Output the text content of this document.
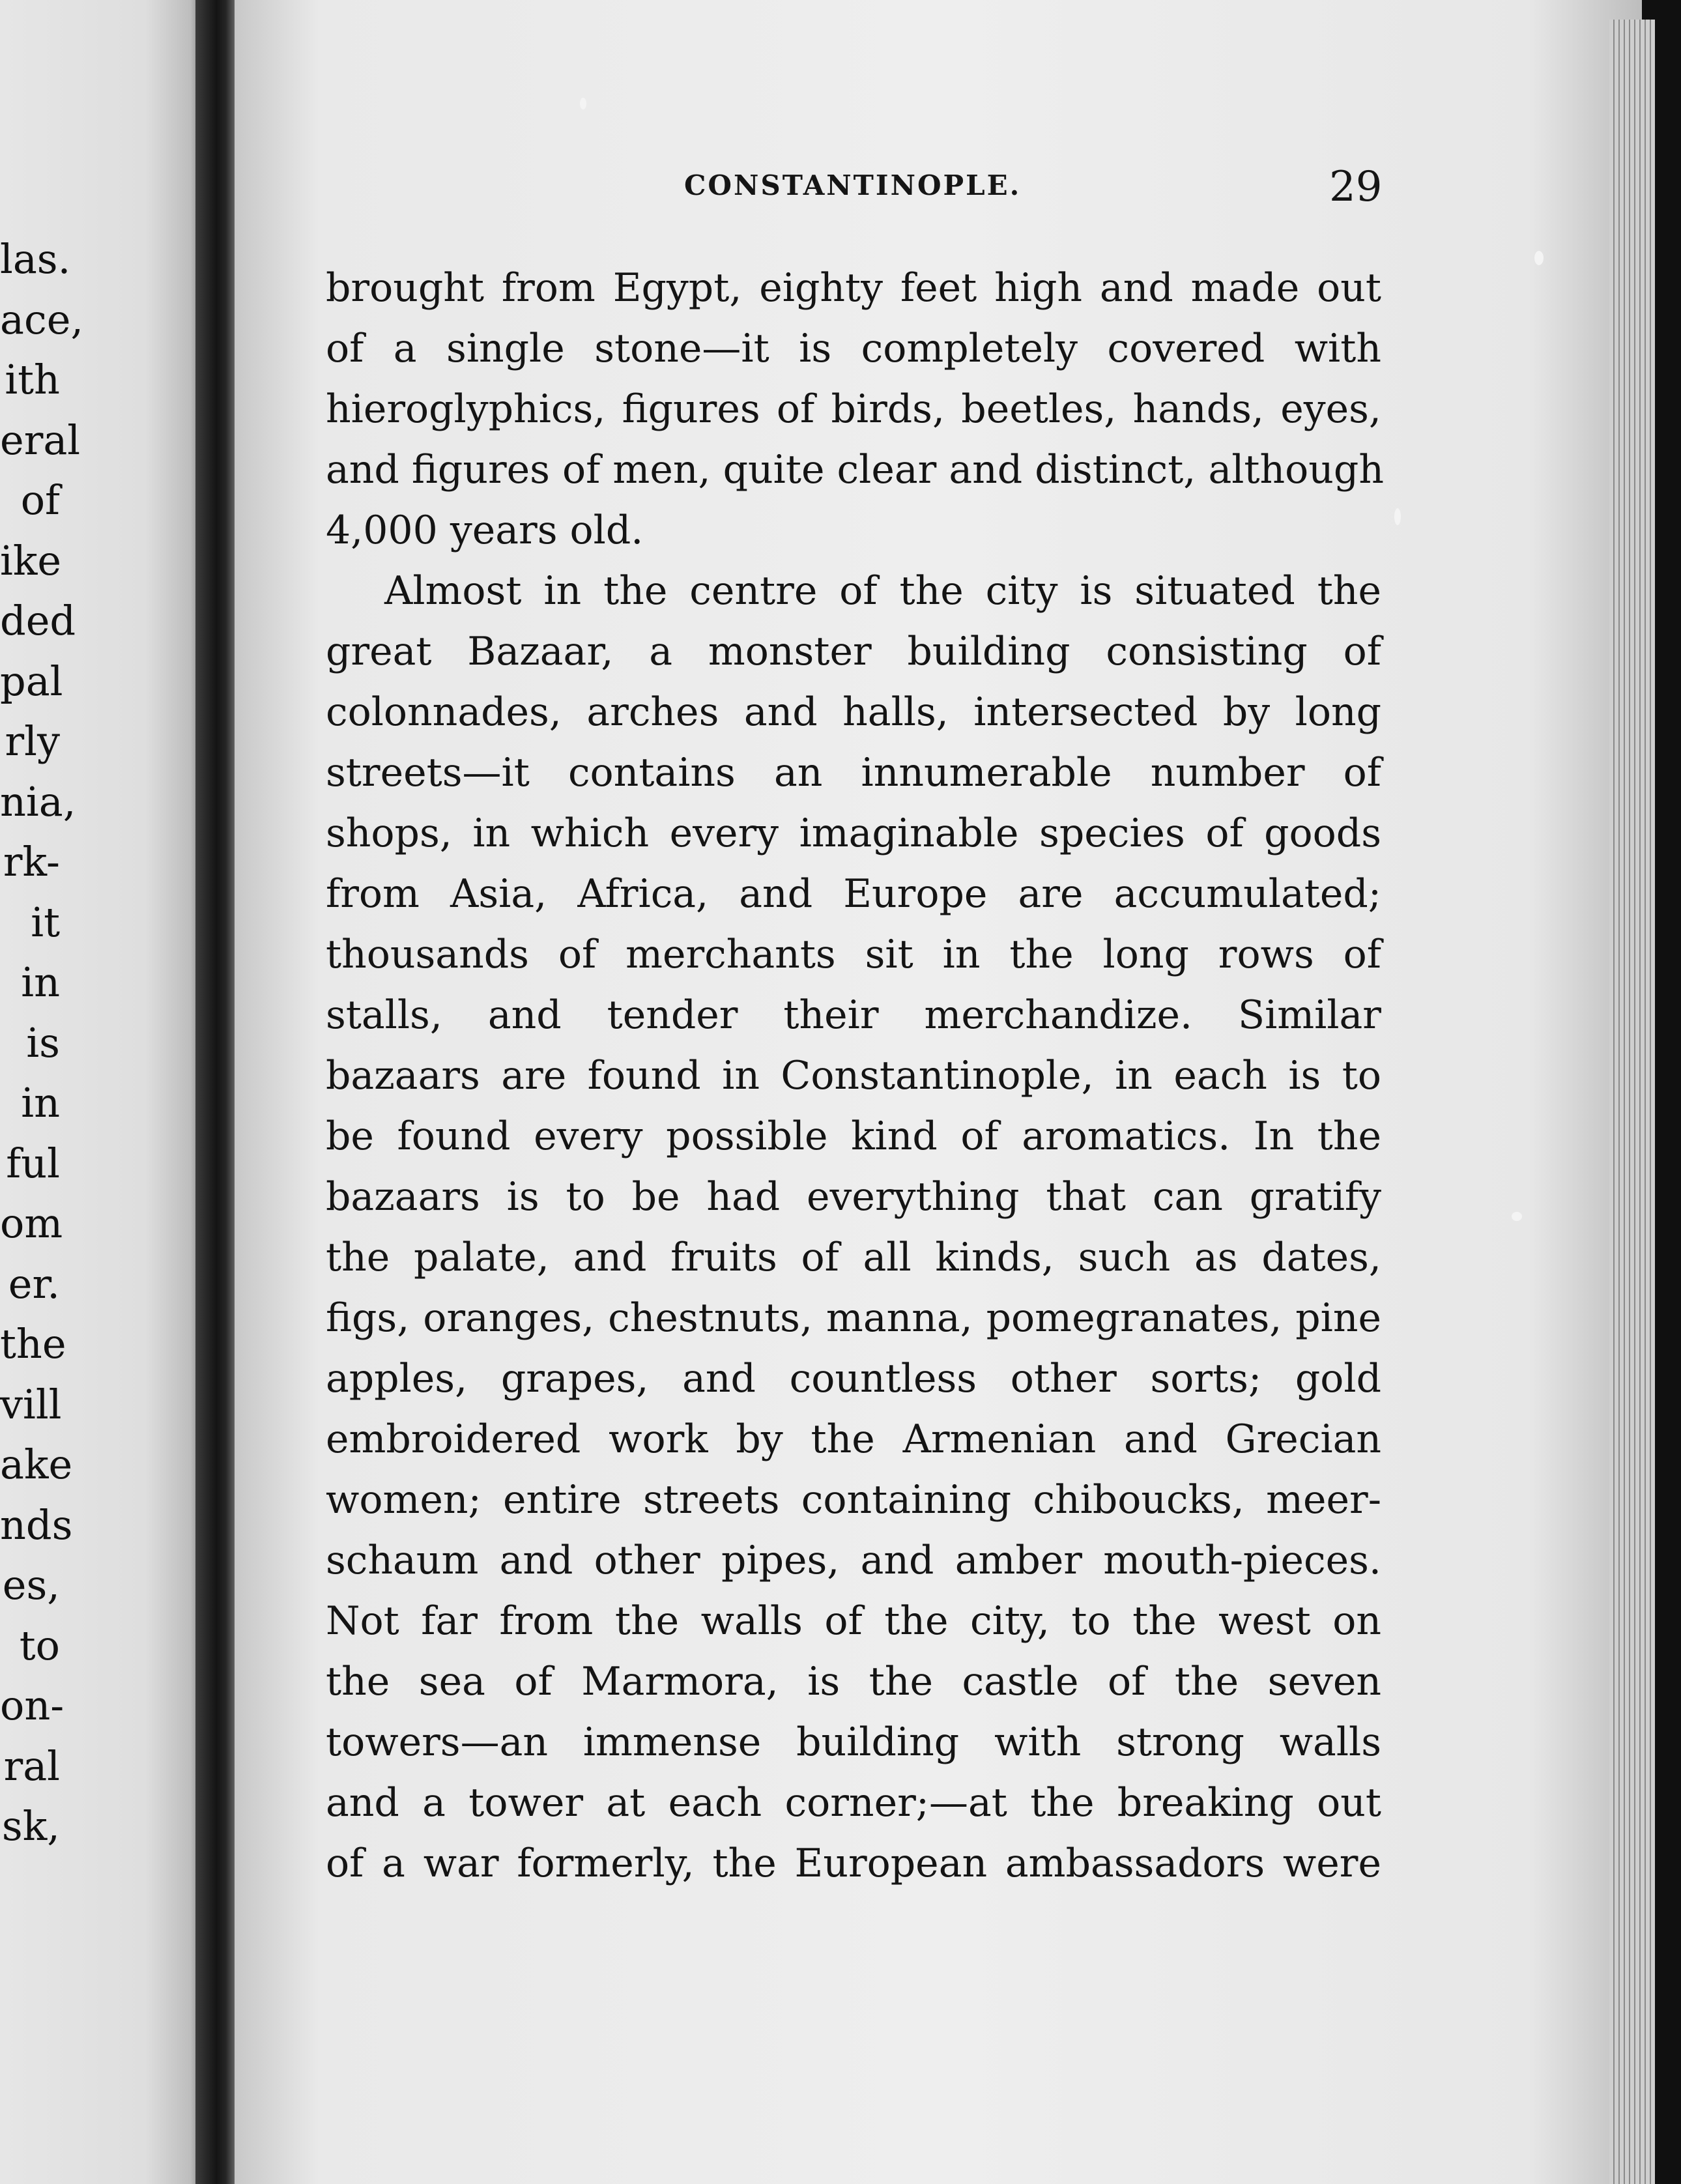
las.
ace,
ith
eral
of
ike
ded
pal
rly
nia,
rk-
it
in
is
in
ful
om
er.
the
vill
ake
nds
es,
to
on-
ral
sk,
CONSTANTINOPLE.	29
brought from Egypt, eighty feet high and made out
of a single stone—it is completely covered with
hieroglyphics, figures of birds, beetles, hands, eyes,
and figures of men, quite clear and distinct, although
4,000 years old.
Almost in the centre of the city is situated the
great Bazaar, a monster building consisting of
colonnades, arches and halls, intersected by long
streets—it contains an innumerable number of
shops, in which every imaginable species of goods
from Asia, Africa, and Europe are accumulated;
thousands of merchants sit in the long rows of
stalls, and tender their merchandize. Similar
bazaars are found in Constantinople, in each is to
be found every possible kind of aromatics. In the
bazaars is to be had everything that can gratify
the palate, and fruits of all kinds, such as dates,
figs, oranges, chestnuts, manna, pomegranates, pine
apples, grapes, and countless other sorts; gold
embroidered work by the Armenian and Grecian
women; entire streets containing chiboucks, meer-
schaum and other pipes, and amber mouth-pieces.
Not far from the walls of the city, to the west on
the sea of Marmora, is the castle of the seven
towers—an immense building with strong walls
and a tower at each corner;—at the breaking out
of a war formerly, the European ambassadors were
